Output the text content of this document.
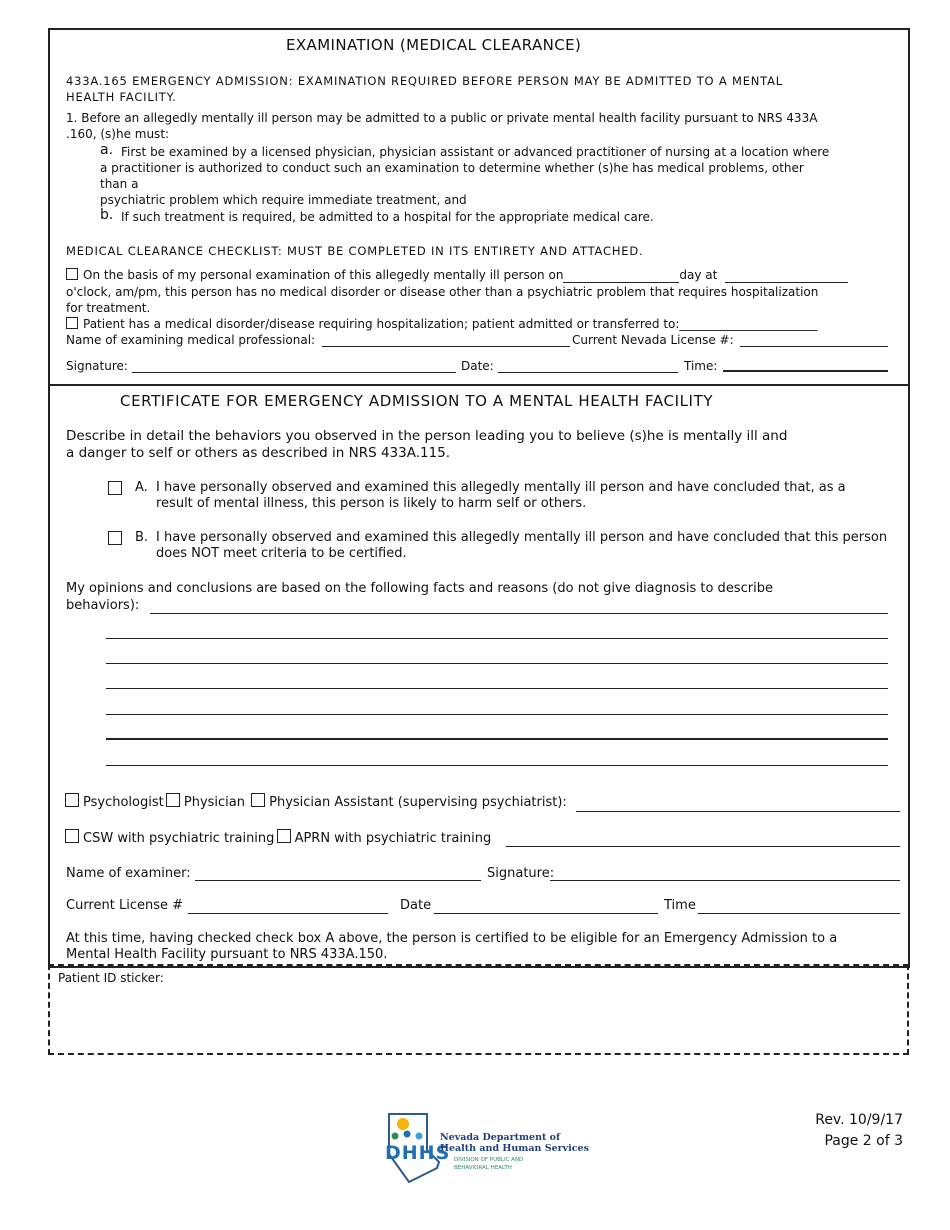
EXAMINATION (MEDICAL CLEARANCE)
433A.165 EMERGENCY ADMISSION: EXAMINATION REQUIRED BEFORE PERSON MAY BE ADMITTED TO A MENTAL
HEALTH FACILITY.
1. Before an allegedly mentally ill person may be admitted to a public or private mental health facility pursuant to NRS 433A
.160, (s)he must:
a. First be examined by a licensed physician, physician assistant or advanced practitioner of nursing at a location where
a practitioner is authorized to conduct such an examination to determine whether (s)he has medical problems, other
than a
psychiatric problem which require immediate treatment, and
b. If such treatment is required, be admitted to a hospital for the appropriate medical care.
MEDICAL CLEARANCE CHECKLIST: MUST BE COMPLETED IN ITS ENTIRETY AND ATTACHED.
On the basis of my personal examination of this allegedly mentally ill person on	day at
o'clock, am/pm, this person has no medical disorder or disease other than a psychiatric problem that requires hospitalization
for treatment.
Patient has a medical disorder/disease requiring hospitalization; patient admitted or transferred to:_______________________
Name of examining medical professional:	Current Nevada License #:
Signature:	Date:	Time:
CERTIFICATE FOR EMERGENCY ADMISSION TO A MENTAL HEALTH FACILITY
Describe in detail the behaviors you observed in the person leading you to believe (s)he is mentally ill and
a danger to self or others as described in NRS 433A.115.
A. I have personally observed and examined this allegedly mentally ill person and have concluded that, as a
result of mental illness, this person is likely to harm self or others.
B. I have personally observed and examined this allegedly mentally ill person and have concluded that this person
does NOT meet criteria to be certified.
My opinions and conclusions are based on the following facts and reasons (do not give diagnosis to describe
behaviors):
Psychologist Physician Physician Assistant (supervising psychiatrist):
CSW with psychiatric training APRN with psychiatric training
Name of examiner:	Signature:
Current License #	Date	Time
At this time, having checked check box A above, the person is certified to be eligible for an Emergency Admission to a
Mental Health Facility pursuant to NRS 433A.150.
Patient ID sticker:
DHHS
Nevada Department of
Health and Human Services
DIVISION OF PUBLIC AND
BEHAVIORAL HEALTH
Rev. 10/9/17
Page 2 of 3
